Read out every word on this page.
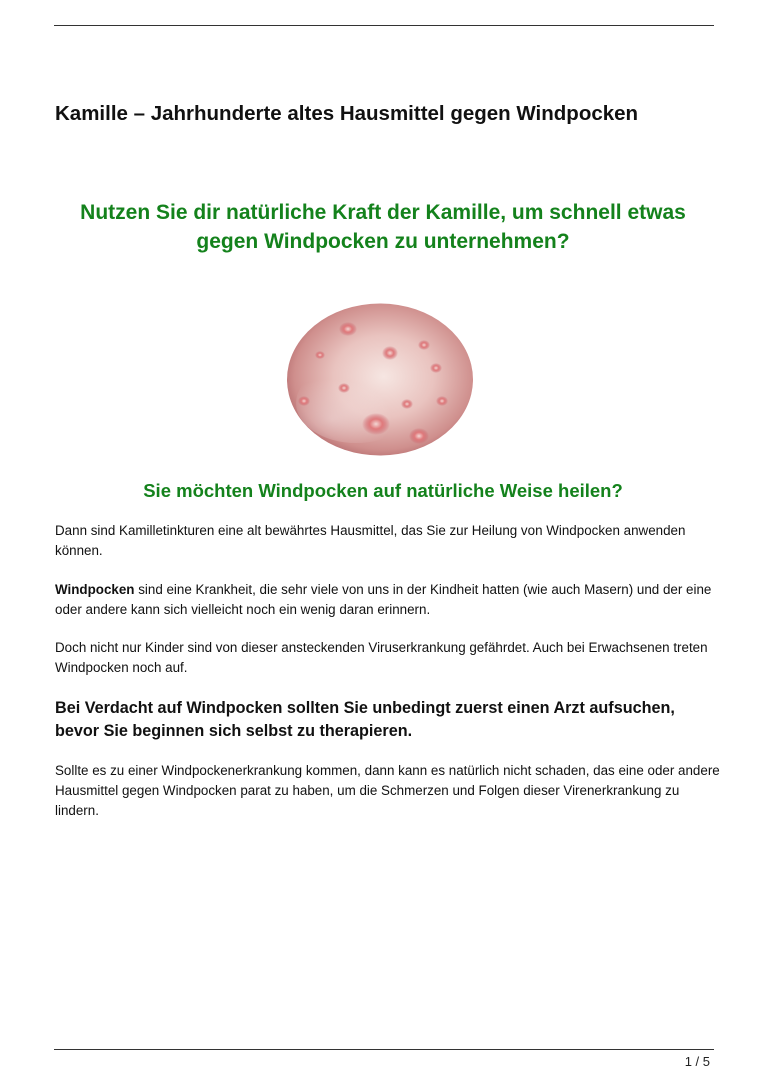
Kamille – Jahrhunderte altes Hausmittel gegen Windpocken
Nutzen Sie dir natürliche Kraft der Kamille, um schnell etwas gegen Windpocken zu unternehmen?
Sie möchten Windpocken auf natürliche Weise heilen?

Dann sind Kamilletinkturen eine alt bewährtes Hausmittel, das Sie zur Heilung von Windpocken anwenden können.

Windpocken sind eine Krankheit, die sehr viele von uns in der Kindheit hatten (wie auch Masern) und der eine oder andere kann sich vielleicht noch ein wenig daran erinnern.

Doch nicht nur Kinder sind von dieser ansteckenden Viruserkrankung gefährdet. Auch bei Erwachsenen treten Windpocken noch auf.

Bei Verdacht auf Windpocken sollten Sie unbedingt zuerst einen Arzt aufsuchen, bevor Sie beginnen sich selbst zu therapieren.

Sollte es zu einer Windpockenerkrankung kommen, dann kann es natürlich nicht schaden, das eine oder andere Hausmittel gegen Windpocken parat zu haben, um die Schmerzen und Folgen dieser Virenerkrankung zu lindern.

1 / 5
